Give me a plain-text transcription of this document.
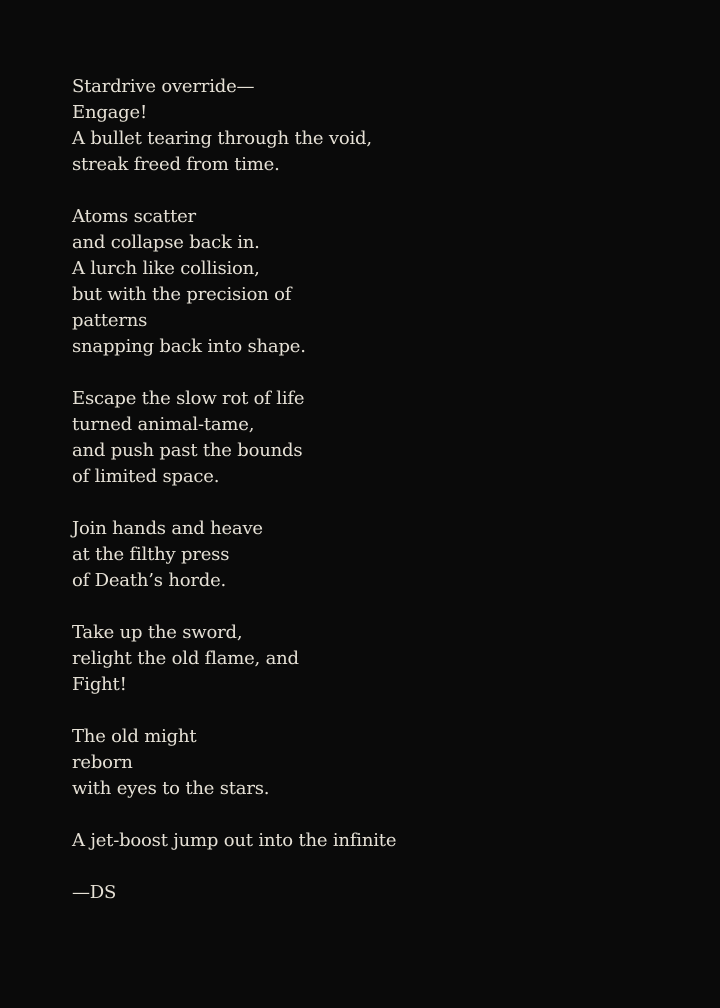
Stardrive override—
Engage!
A bullet tearing through the void,
streak freed from time.
Atoms scatter
and collapse back in.
A lurch like collision,
but with the precision of
patterns
snapping back into shape.
Escape the slow rot of life
turned animal-tame,
and push past the bounds
of limited space.
Join hands and heave
at the filthy press
of Death’s horde.
Take up the sword,
relight the old flame, and
Fight!
The old might
reborn
with eyes to the stars.
A jet-boost jump out into the infinite
—DS
